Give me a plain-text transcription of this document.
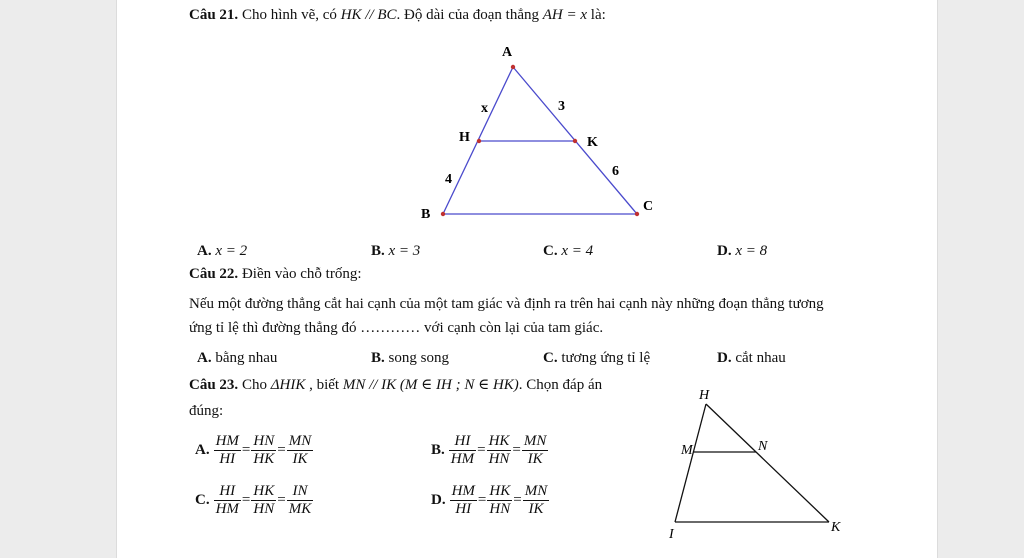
Câu 21. Cho hình vẽ, có HK // BC. Độ dài của đoạn thẳng AH = x là:
A
H	K
B
C
x	3
4
6
A. x = 2	B. x = 3	C. x = 4	D. x = 8
Câu 22. Điền vào chỗ trống:
Nếu một đường thẳng cắt hai cạnh của một tam giác và định ra trên hai cạnh này những đoạn thẳng tương
ứng tỉ lệ thì đường thẳng đó ………… với cạnh còn lại của tam giác.
A. bằng nhau	B. song song	C. tương ứng tỉ lệ	D. cắt nhau
Câu 23. Cho ΔHIK , biết MN // IK (M ∈ IH ; N ∈ HK). Chọn đáp án
đúng:
A. $\frac{HM}{HI} = \frac{HN}{HK} = \frac{MN}{IK}$	B. $\frac{HI}{HM} = \frac{HK}{HN} = \frac{MN}{IK}$
C. $\frac{HI}{HM} = \frac{HK}{HN} = \frac{IN}{MK}$	D. $\frac{HM}{HI} = \frac{HK}{HN} = \frac{MN}{IK}$
H
M	N
I	K
